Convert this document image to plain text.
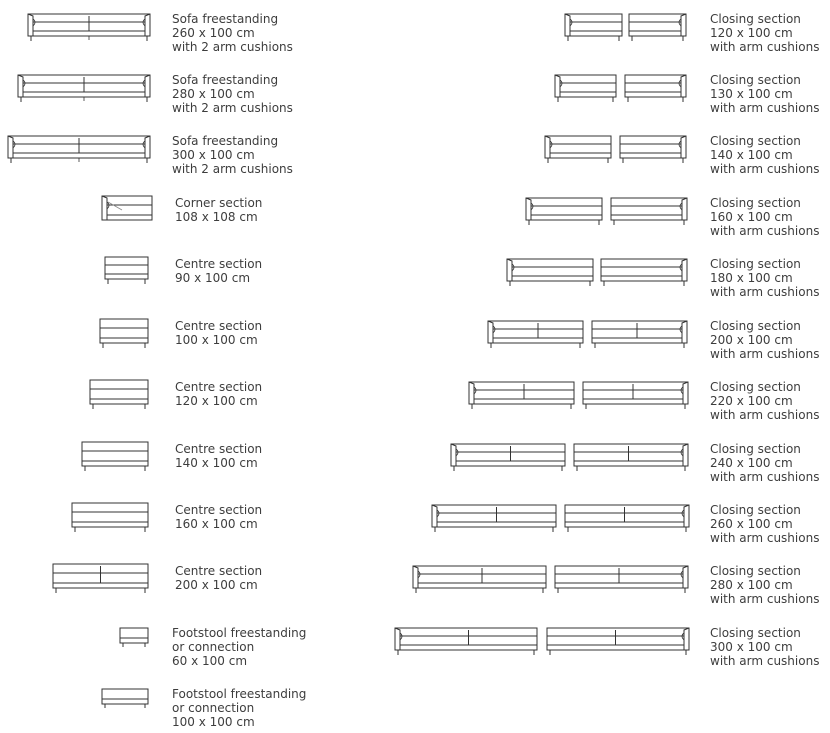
Sofa freestanding
260 x 100 cm
with 2 arm cushions
Sofa freestanding
280 x 100 cm
with 2 arm cushions
Sofa freestanding
300 x 100 cm
with 2 arm cushions
Corner section
108 x 108 cm
Centre section
90 x 100 cm
Centre section
100 x 100 cm
Centre section
120 x 100 cm
Centre section
140 x 100 cm
Centre section
160 x 100 cm
Centre section
200 x 100 cm
Footstool freestanding
or connection
60 x 100 cm
Footstool freestanding
or connection
100 x 100 cm
Closing section
120 x 100 cm
with arm cushions
Closing section
130 x 100 cm
with arm cushions
Closing section
140 x 100 cm
with arm cushions
Closing section
160 x 100 cm
with arm cushions
Closing section
180 x 100 cm
with arm cushions
Closing section
200 x 100 cm
with arm cushions
Closing section
220 x 100 cm
with arm cushions
Closing section
240 x 100 cm
with arm cushions
Closing section
260 x 100 cm
with arm cushions
Closing section
280 x 100 cm
with arm cushions
Closing section
300 x 100 cm
with arm cushions
